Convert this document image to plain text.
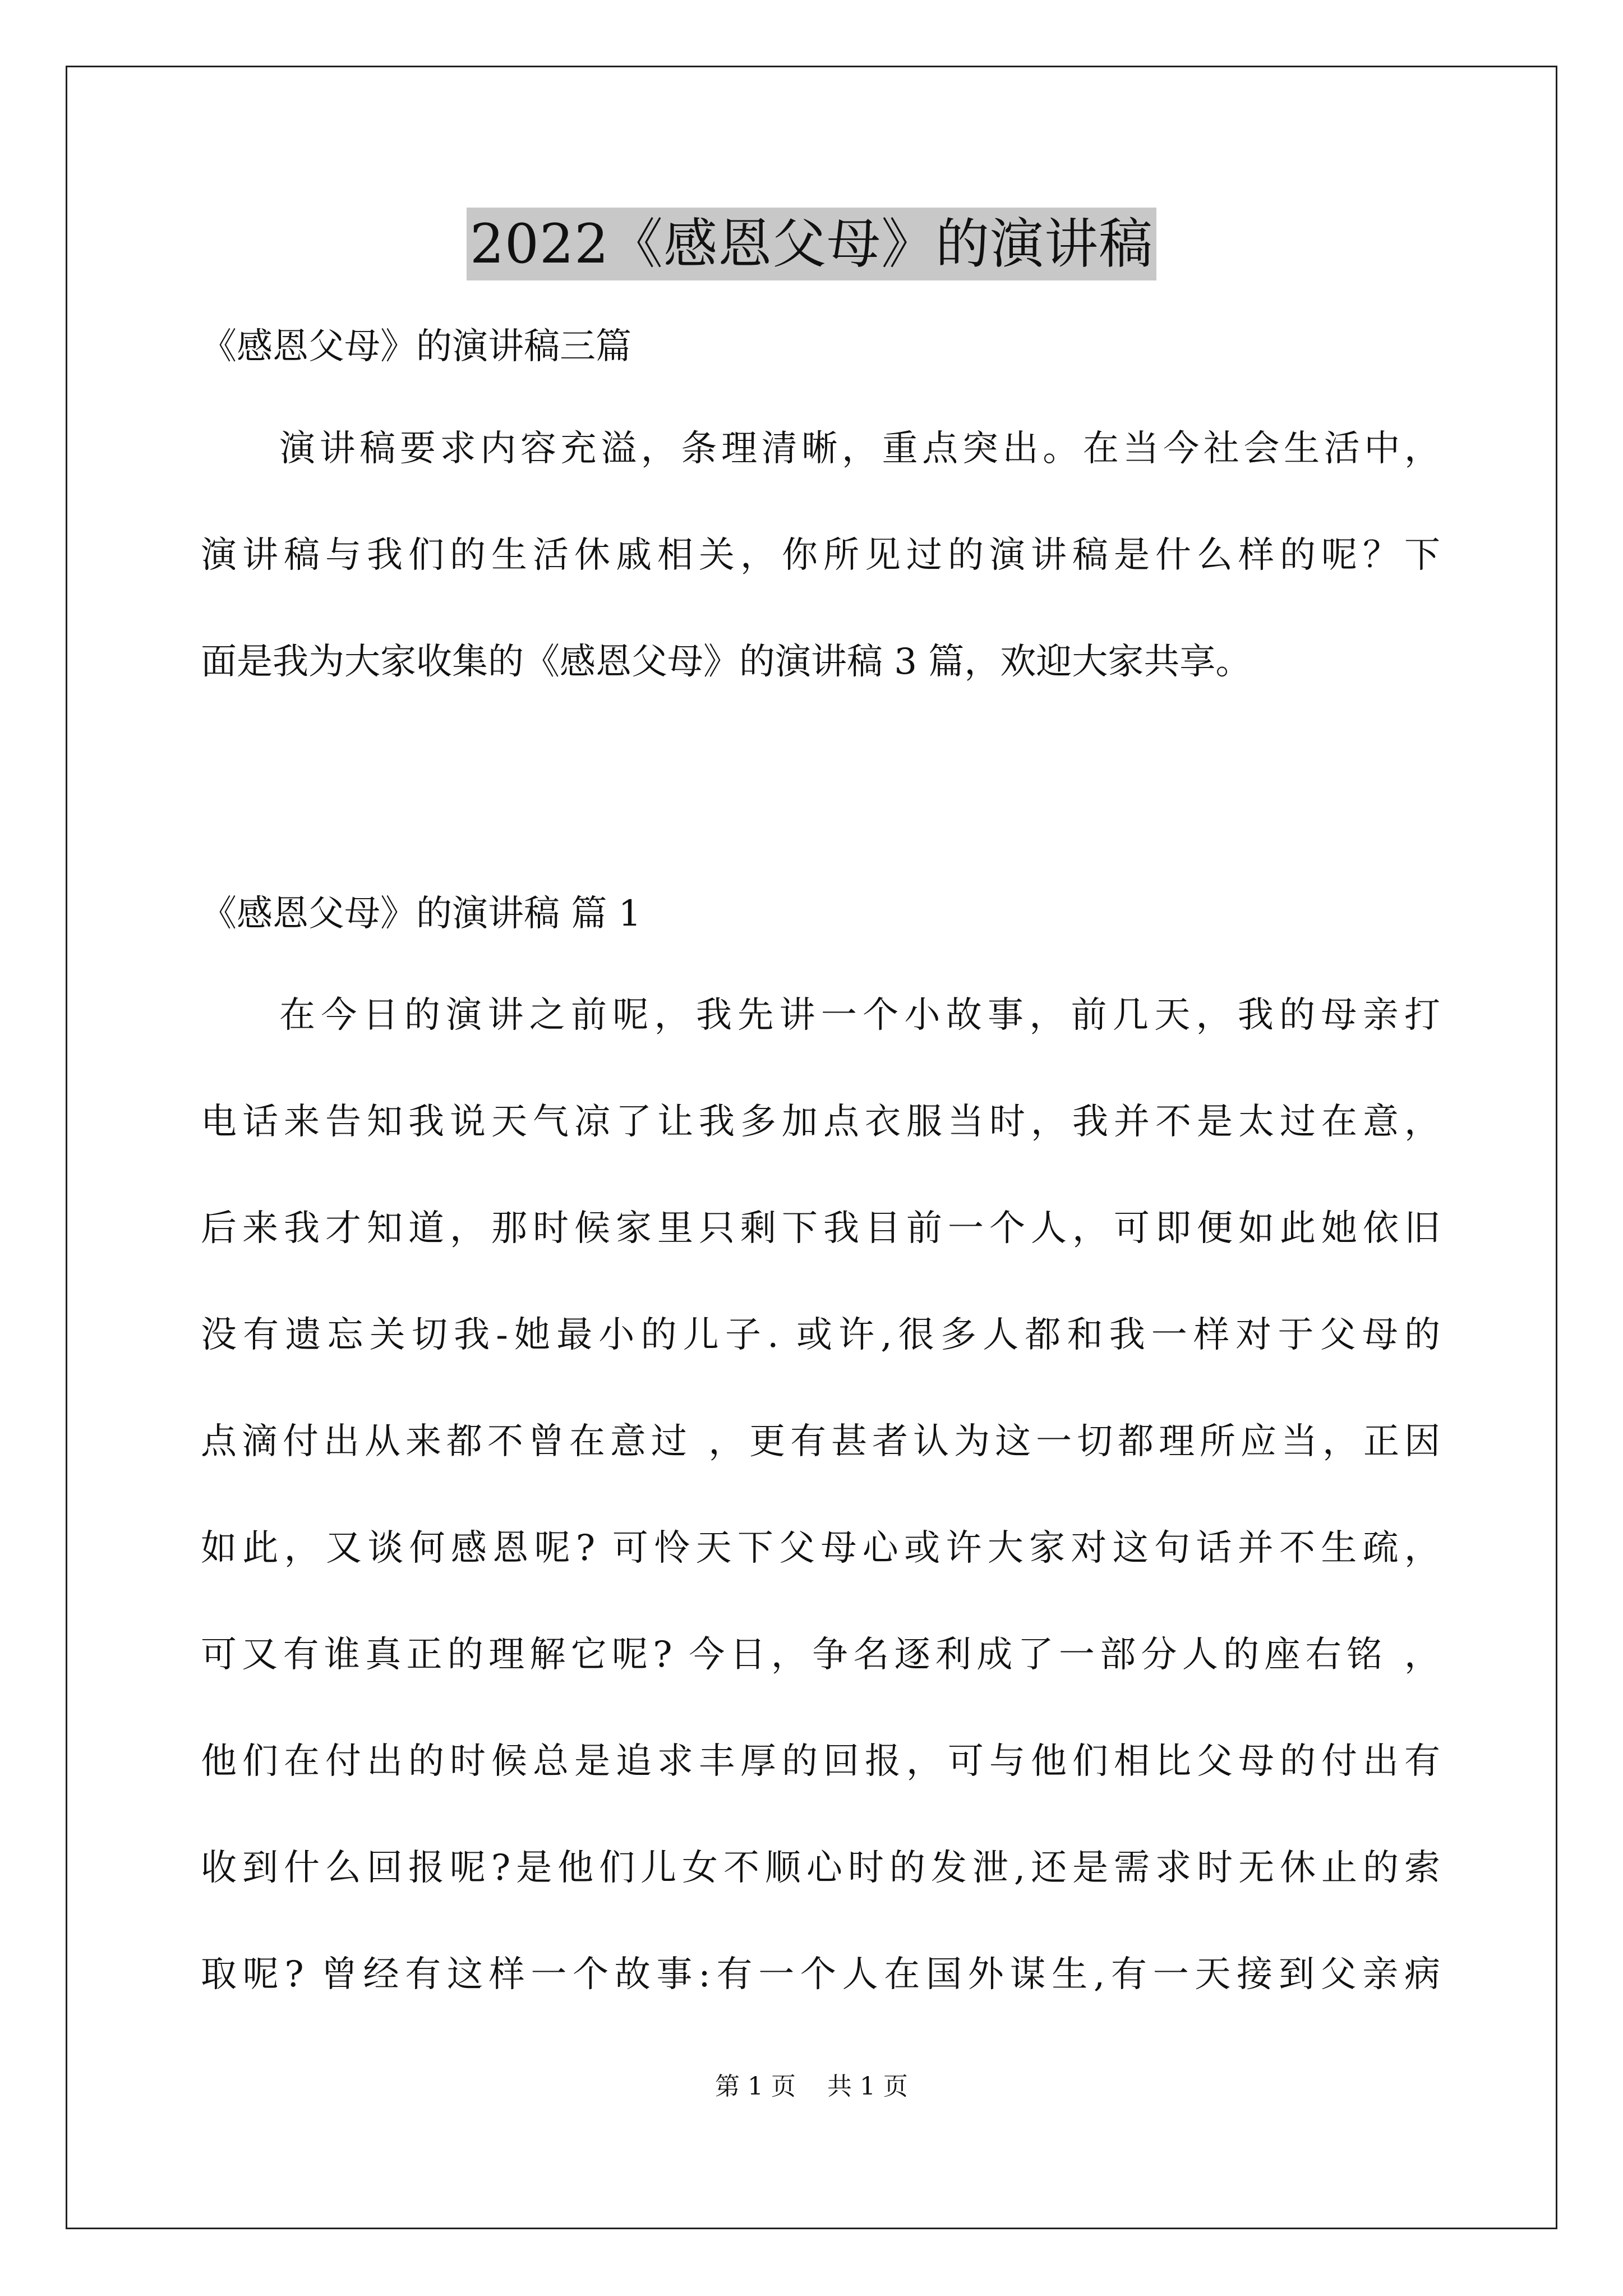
2022《感恩父母》的演讲稿
《感恩父母》的演讲稿三篇
演讲稿要求内容充溢，条理清晰，重点突出。在当今社会生活中，
演讲稿与我们的生活休戚相关，你所见过的演讲稿是什么样的呢？下
面是我为大家收集的《感恩父母》的演讲稿 3 篇，欢迎大家共享。
《感恩父母》的演讲稿 篇 1
在今日的演讲之前呢，我先讲一个小故事，前几天，我的母亲打
电话来告知我说天气凉了让我多加点衣服当时，我并不是太过在意，
后来我才知道，那时候家里只剩下我目前一个人，可即便如此她依旧
没有遗忘关切我-她最小的儿子. 或许,很多人都和我一样对于父母的
点滴付出从来都不曾在意过 ，更有甚者认为这一切都理所应当，正因
如此，又谈何感恩呢? 可怜天下父母心或许大家对这句话并不生疏，
可又有谁真正的理解它呢? 今日，争名逐利成了一部分人的座右铭 ，
他们在付出的时候总是追求丰厚的回报，可与他们相比父母的付出有
收到什么回报呢?是他们儿女不顺心时的发泄,还是需求时无休止的索
取呢? 曾经有这样一个故事:有一个人在国外谋生,有一天接到父亲病
第 1 页    共 1 页
